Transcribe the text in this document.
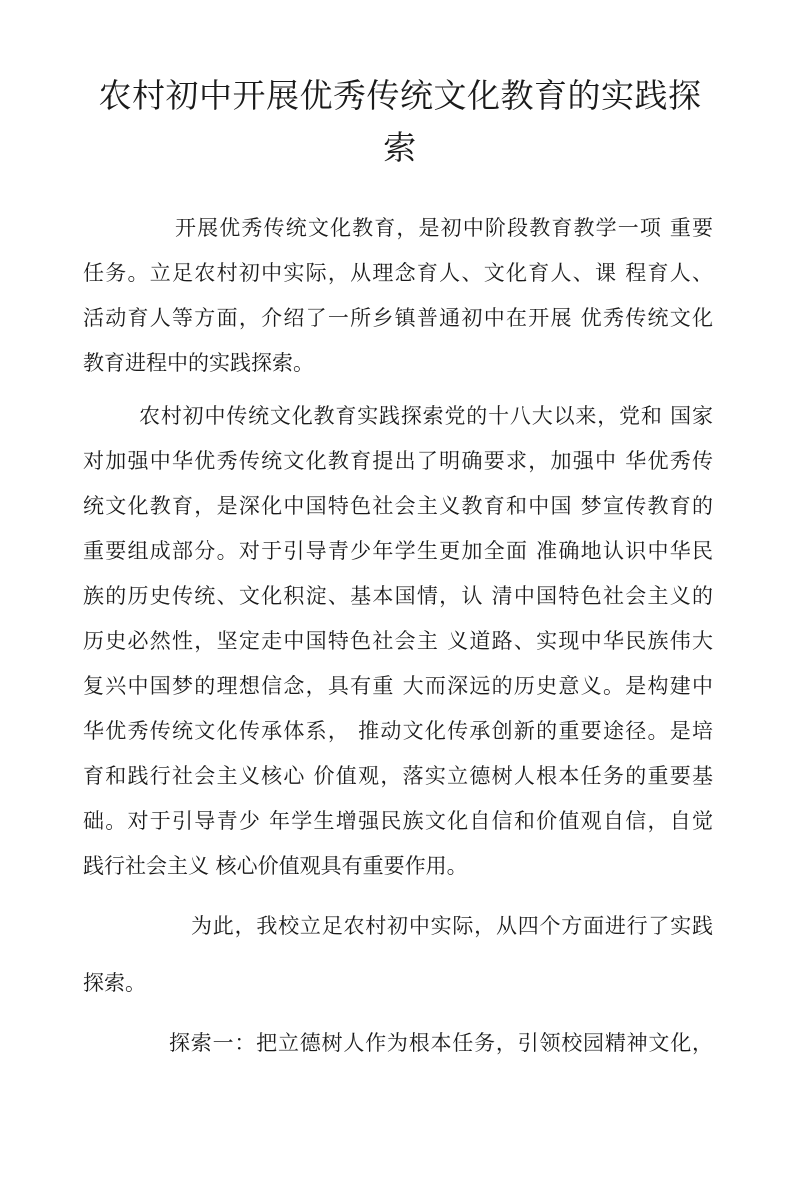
农村初中开展优秀传统文化教育的实践探
索
开展优秀传统文化教育，是初中阶段教育教学一项 重要
任务。立足农村初中实际，从理念育人、文化育人、课 程育人、
活动育人等方面，介绍了一所乡镇普通初中在开展 优秀传统文化
教育进程中的实践探索。
农村初中传统文化教育实践探索党的十八大以来，党和 国家
对加强中华优秀传统文化教育提出了明确要求，加强中 华优秀传
统文化教育，是深化中国特色社会主义教育和中国 梦宣传教育的
重要组成部分。对于引导青少年学生更加全面 准确地认识中华民
族的历史传统、文化积淀、基本国情，认 清中国特色社会主义的
历史必然性，坚定走中国特色社会主 义道路、实现中华民族伟大
复兴中国梦的理想信念，具有重 大而深远的历史意义。是构建中
华优秀传统文化传承体系， 推动文化传承创新的重要途径。是培
育和践行社会主义核心 价值观，落实立德树人根本任务的重要基
础。对于引导青少 年学生增强民族文化自信和价值观自信，自觉
践行社会主义 核心价值观具有重要作用。
为此，我校立足农村初中实际，从四个方面进行了实践
探索。
探索一：把立德树人作为根本任务，引领校园精神文化，
